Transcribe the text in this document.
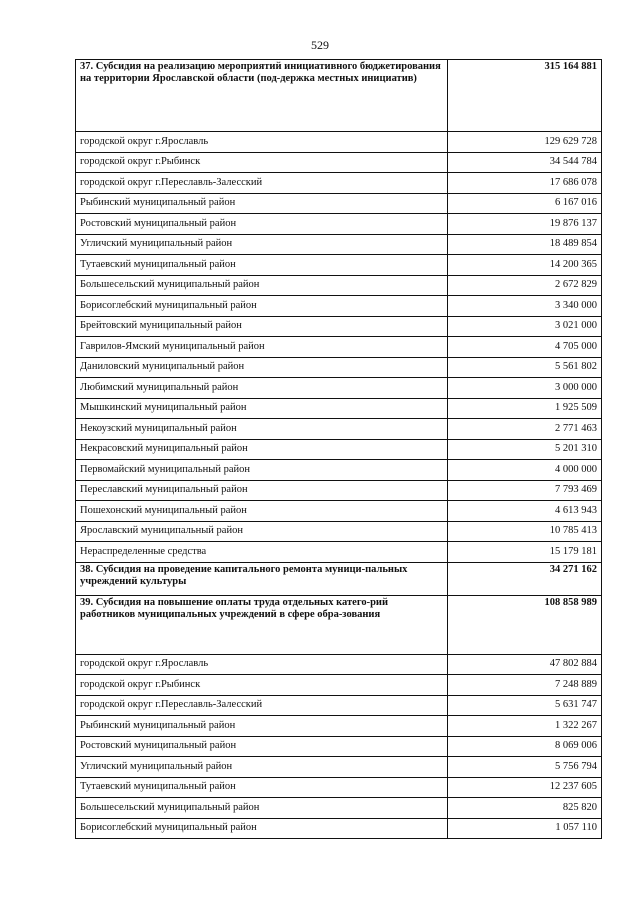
529
37. Субсидия на реализацию мероприятий инициативного бюджетирования на территории Ярославской области (под-держка местных инициатив)	315 164 881
городской округ г.Ярославль	129 629 728
городской округ г.Рыбинск	34 544 784
городской округ г.Переславль-Залесский	17 686 078
Рыбинский муниципальный район	6 167 016
Ростовский муниципальный район	19 876 137
Угличский муниципальный район	18 489 854
Тутаевский муниципальный район	14 200 365
Большесельский муниципальный район	2 672 829
Борисоглебский муниципальный район	3 340 000
Брейтовский муниципальный район	3 021 000
Гаврилов-Ямский муниципальный район	4 705 000
Даниловский муниципальный район	5 561 802
Любимский муниципальный район	3 000 000
Мышкинский муниципальный район	1 925 509
Некоузский муниципальный район	2 771 463
Некрасовский муниципальный район	5 201 310
Первомайский муниципальный район	4 000 000
Переславский муниципальный район	7 793 469
Пошехонский муниципальный район	4 613 943
Ярославский муниципальный район	10 785 413
Нераспределенные средства	15 179 181
38. Субсидия на проведение капитального ремонта муници-пальных учреждений культуры	34 271 162
39. Субсидия на повышение оплаты труда отдельных катего-рий работников муниципальных учреждений в сфере обра-зования	108 858 989
городской округ г.Ярославль	47 802 884
городской округ г.Рыбинск	7 248 889
городской округ г.Переславль-Залесский	5 631 747
Рыбинский муниципальный район	1 322 267
Ростовский муниципальный район	8 069 006
Угличский муниципальный район	5 756 794
Тутаевский муниципальный район	12 237 605
Большесельский муниципальный район	825 820
Борисоглебский муниципальный район	1 057 110
